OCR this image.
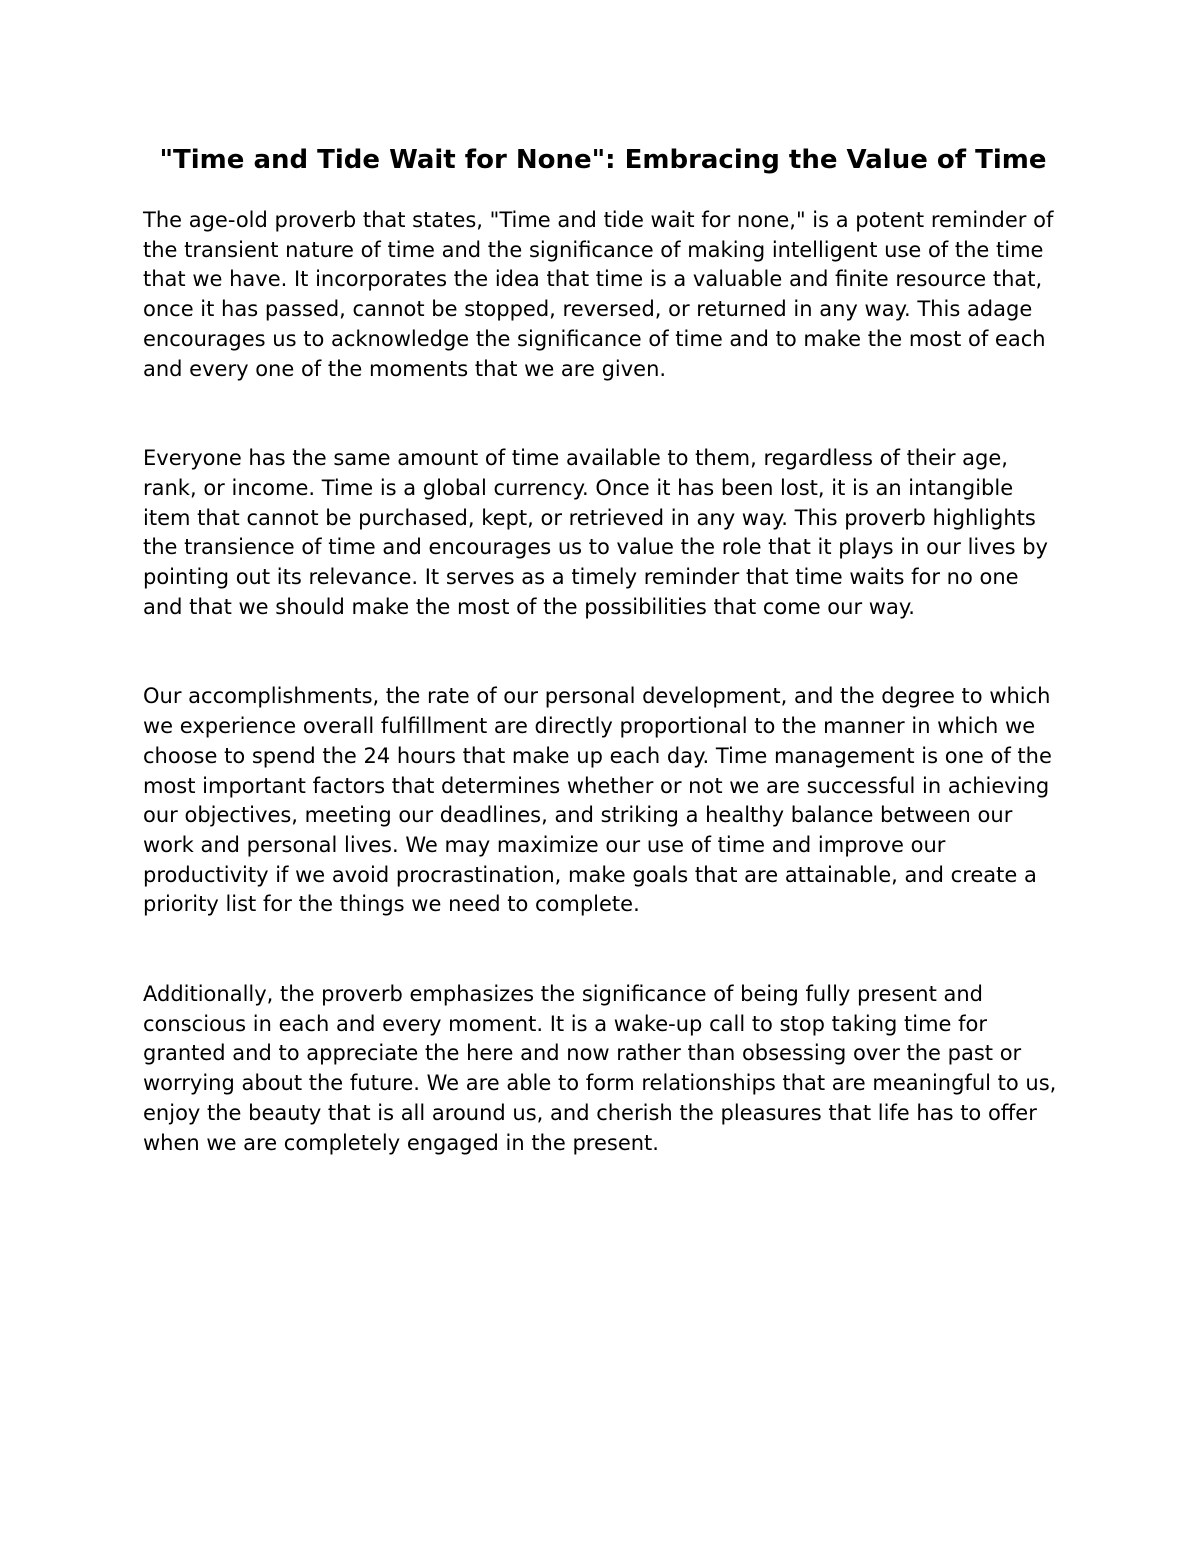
"Time and Tide Wait for None": Embracing the Value of Time

The age-old proverb that states, "Time and tide wait for none," is a potent reminder of the transient nature of time and the significance of making intelligent use of the time that we have. It incorporates the idea that time is a valuable and finite resource that, once it has passed, cannot be stopped, reversed, or returned in any way. This adage encourages us to acknowledge the significance of time and to make the most of each and every one of the moments that we are given.

Everyone has the same amount of time available to them, regardless of their age, rank, or income. Time is a global currency. Once it has been lost, it is an intangible item that cannot be purchased, kept, or retrieved in any way. This proverb highlights the transience of time and encourages us to value the role that it plays in our lives by pointing out its relevance. It serves as a timely reminder that time waits for no one and that we should make the most of the possibilities that come our way.

Our accomplishments, the rate of our personal development, and the degree to which we experience overall fulfillment are directly proportional to the manner in which we choose to spend the 24 hours that make up each day. Time management is one of the most important factors that determines whether or not we are successful in achieving our objectives, meeting our deadlines, and striking a healthy balance between our work and personal lives. We may maximize our use of time and improve our productivity if we avoid procrastination, make goals that are attainable, and create a priority list for the things we need to complete.

Additionally, the proverb emphasizes the significance of being fully present and conscious in each and every moment. It is a wake-up call to stop taking time for granted and to appreciate the here and now rather than obsessing over the past or worrying about the future. We are able to form relationships that are meaningful to us, enjoy the beauty that is all around us, and cherish the pleasures that life has to offer when we are completely engaged in the present.
